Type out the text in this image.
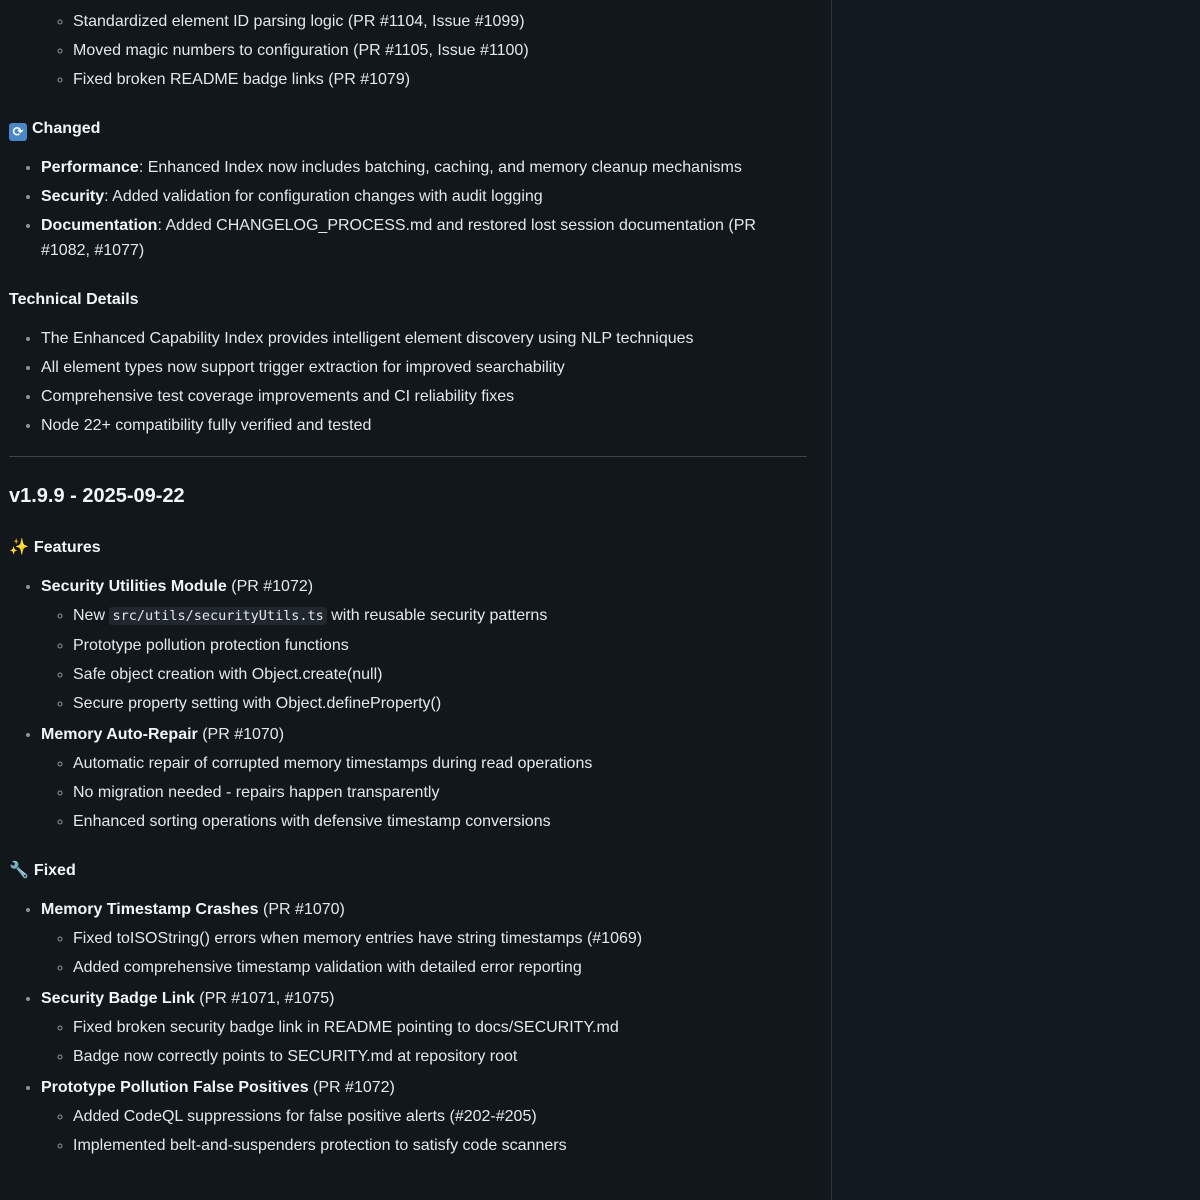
◦ Standardized element ID parsing logic (PR #1104, Issue #1099)
◦ Moved magic numbers to configuration (PR #1105, Issue #1100)
◦ Fixed broken README badge links (PR #1079)
⟳ Changed
• Performance: Enhanced Index now includes batching, caching, and memory cleanup mechanisms
• Security: Added validation for configuration changes with audit logging
• Documentation: Added CHANGELOG_PROCESS.md and restored lost session documentation (PR #1082, #1077)
Technical Details
• The Enhanced Capability Index provides intelligent element discovery using NLP techniques
• All element types now support trigger extraction for improved searchability
• Comprehensive test coverage improvements and CI reliability fixes
• Node 22+ compatibility fully verified and tested
v1.9.9 - 2025-09-22
✨ Features
• Security Utilities Module (PR #1072)
◦ New src/utils/securityUtils.ts with reusable security patterns
◦ Prototype pollution protection functions
◦ Safe object creation with Object.create(null)
◦ Secure property setting with Object.defineProperty()
• Memory Auto-Repair (PR #1070)
◦ Automatic repair of corrupted memory timestamps during read operations
◦ No migration needed - repairs happen transparently
◦ Enhanced sorting operations with defensive timestamp conversions
🔧 Fixed
• Memory Timestamp Crashes (PR #1070)
◦ Fixed toISOString() errors when memory entries have string timestamps (#1069)
◦ Added comprehensive timestamp validation with detailed error reporting
• Security Badge Link (PR #1071, #1075)
◦ Fixed broken security badge link in README pointing to docs/SECURITY.md
◦ Badge now correctly points to SECURITY.md at repository root
• Prototype Pollution False Positives (PR #1072)
◦ Added CodeQL suppressions for false positive alerts (#202-#205)
◦ Implemented belt-and-suspenders protection to satisfy code scanners
